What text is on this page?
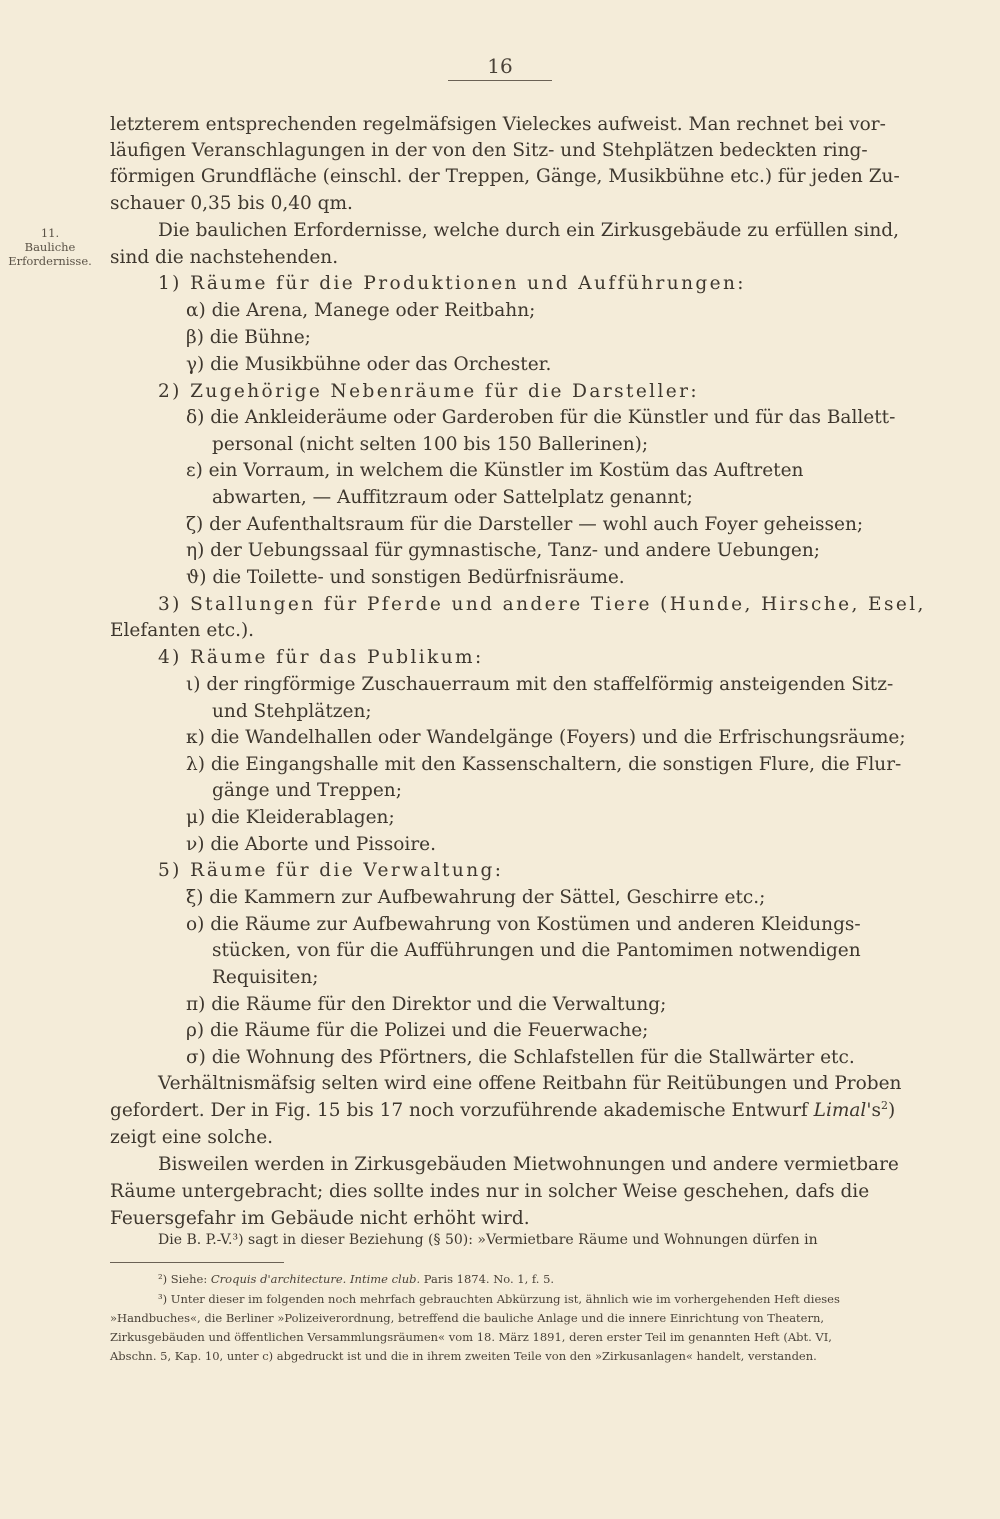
16
11.
Bauliche
Erfordernisse.
letzterem entsprechenden regelmäfsigen Vieleckes aufweist. Man rechnet bei vor-
läufigen Veranschlagungen in der von den Sitz- und Stehplätzen bedeckten ring-
förmigen Grundfläche (einschl. der Treppen, Gänge, Musikbühne etc.) für jeden Zu-
schauer 0,35 bis 0,40 qm.
Die baulichen Erfordernisse, welche durch ein Zirkusgebäude zu erfüllen sind,
sind die nachstehenden.
1) Räume für die Produktionen und Aufführungen:
α) die Arena, Manege oder Reitbahn;
β) die Bühne;
γ) die Musikbühne oder das Orchester.
2) Zugehörige Nebenräume für die Darsteller:
δ) die Ankleideräume oder Garderoben für die Künstler und für das Ballett-
personal (nicht selten 100 bis 150 Ballerinen);
ε) ein Vorraum, in welchem die Künstler im Kostüm das Auftreten
abwarten, — Auffitzraum oder Sattelplatz genannt;
ζ) der Aufenthaltsraum für die Darsteller — wohl auch Foyer geheissen;
η) der Uebungssaal für gymnastische, Tanz- und andere Uebungen;
ϑ) die Toilette- und sonstigen Bedürfnisräume.
3) Stallungen für Pferde und andere Tiere (Hunde, Hirsche, Esel,
Elefanten etc.).
4) Räume für das Publikum:
ι) der ringförmige Zuschauerraum mit den staffelförmig ansteigenden Sitz-
und Stehplätzen;
κ) die Wandelhallen oder Wandelgänge (Foyers) und die Erfrischungsräume;
λ) die Eingangshalle mit den Kassenschaltern, die sonstigen Flure, die Flur-
gänge und Treppen;
μ) die Kleiderablagen;
ν) die Aborte und Pissoire.
5) Räume für die Verwaltung:
ξ) die Kammern zur Aufbewahrung der Sättel, Geschirre etc.;
ο) die Räume zur Aufbewahrung von Kostümen und anderen Kleidungs-
stücken, von für die Aufführungen und die Pantomimen notwendigen
Requisiten;
π) die Räume für den Direktor und die Verwaltung;
ρ) die Räume für die Polizei und die Feuerwache;
σ) die Wohnung des Pförtners, die Schlafstellen für die Stallwärter etc.
Verhältnismäfsig selten wird eine offene Reitbahn für Reitübungen und Proben
gefordert. Der in Fig. 15 bis 17 noch vorzuführende akademische Entwurf $Limal's^2$)
zeigt eine solche.
Bisweilen werden in Zirkusgebäuden Mietwohnungen und andere vermietbare
Räume untergebracht; dies sollte indes nur in solcher Weise geschehen, dafs die
Feuersgefahr im Gebäude nicht erhöht wird.
Die B. P.-V.³) sagt in dieser Beziehung (§ 50): »Vermietbare Räume und Wohnungen dürfen in
²) Siehe: Croquis d'architecture. Intime club. Paris 1874. No. 1, f. 5.
³) Unter dieser im folgenden noch mehrfach gebrauchten Abkürzung ist, ähnlich wie im vorhergehenden Heft dieses
»Handbuches«, die Berliner »Polizeiverordnung, betreffend die bauliche Anlage und die innere Einrichtung von Theatern,
Zirkusgebäuden und öffentlichen Versammlungsräumen« vom 18. März 1891, deren erster Teil im genannten Heft (Abt. VI,
Abschn. 5, Kap. 10, unter c) abgedruckt ist und die in ihrem zweiten Teile von den »Zirkusanlagen« handelt, verstanden.
